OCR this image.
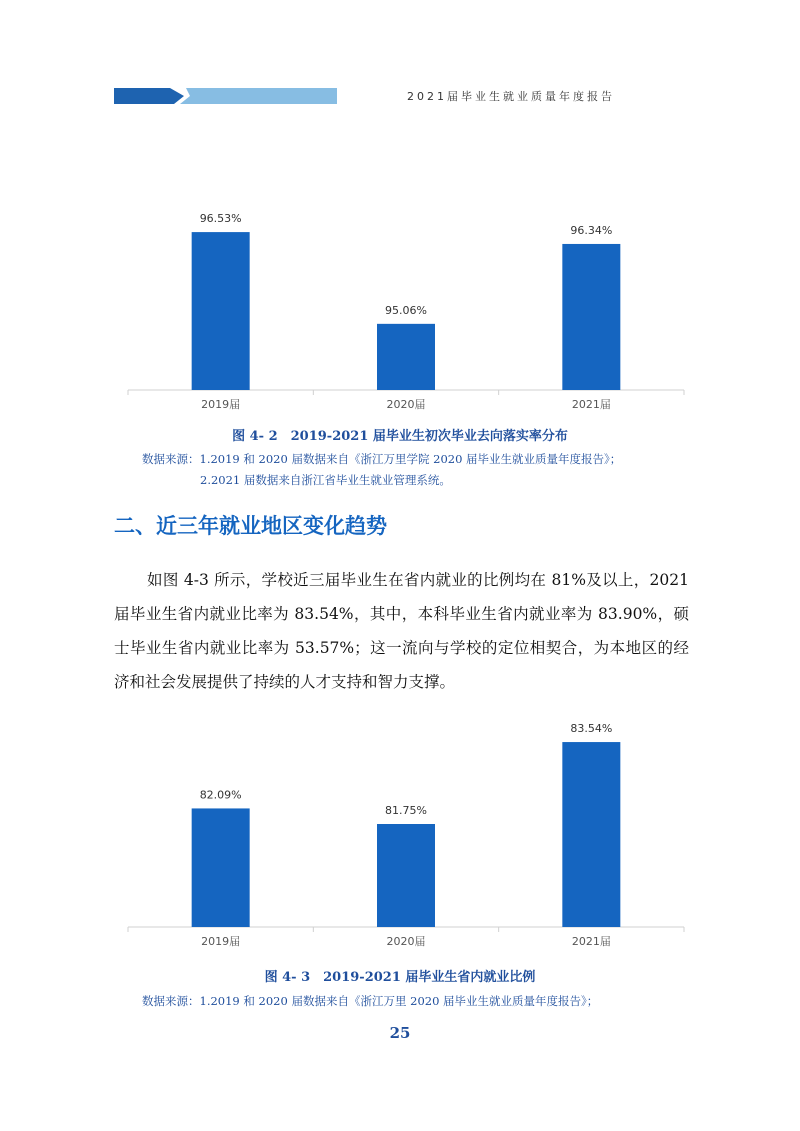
2021届毕业生就业质量年度报告
96.53%
2019届
95.06%
2020届
96.34%
2021届
图 4- 2　2019-2021 届毕业生初次毕业去向落实率分布
数据来源：1.2019 和 2020 届数据来自《浙江万里学院 2020 届毕业生就业质量年度报告》；
2.2021 届数据来自浙江省毕业生就业管理系统。
二、近三年就业地区变化趋势
如图 4-3 所示，学校近三届毕业生在省内就业的比例均在 81%及以上，2021 届毕业生省内就业比率为 83.54%，其中，本科毕业生省内就业率为 83.90%，硕士毕业生省内就业比率为 53.57%；这一流向与学校的定位相契合，为本地区的经济和社会发展提供了持续的人才支持和智力支撑。
82.09%
2019届
81.75%
2020届
83.54%
2021届
图 4- 3　2019-2021 届毕业生省内就业比例
数据来源：1.2019 和 2020 届数据来自《浙江万里 2020 届毕业生就业质量年度报告》；
25
